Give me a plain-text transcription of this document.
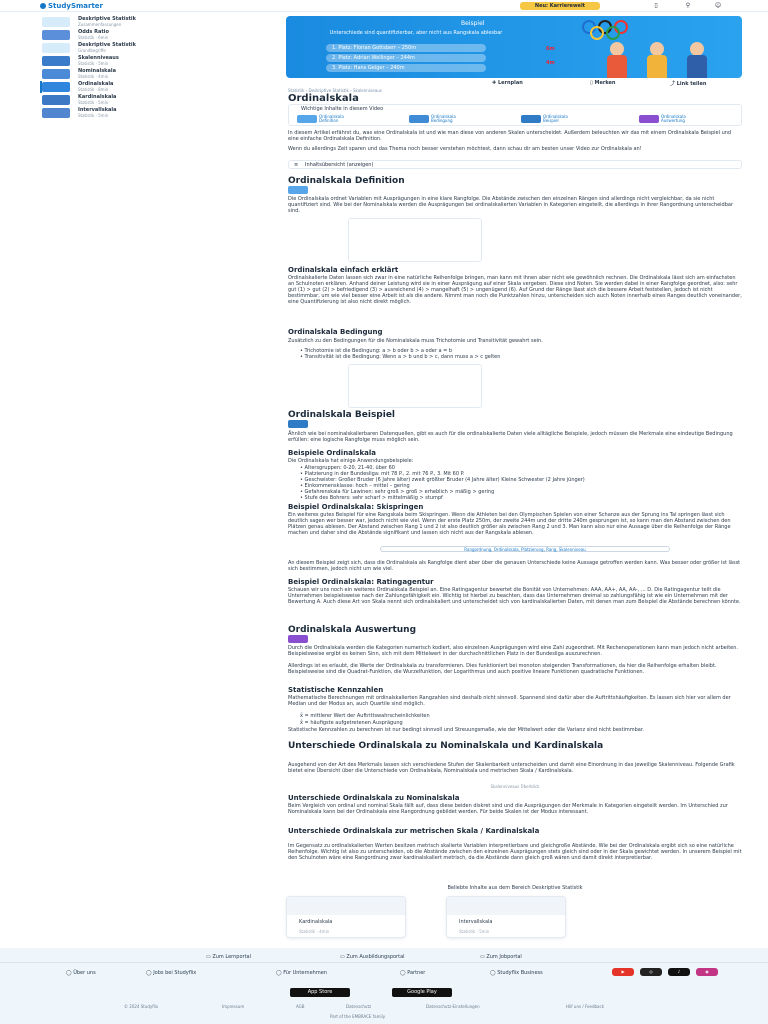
StudySmarter	Neu: Karrierewelt	▯	⚲	☺
Deskriptive Statistik
Zusammenfassungen
Odds Ratio
Statistik · 6min
Deskriptive Statistik
Grundbegriffe
Skalenniveaus
Statistik · 5min
Nominalskala
Statistik · 4min
Ordinalskala
Statistik · 8min
Kardinalskala
Statistik · 5min
Intervallskala
Statistik · 5min
Beispiel
Unterschiede sind quantifizierbar, aber nicht aus Rangskala ablesbar
1. Platz: Florian Gottsberr – 250m
2. Platz: Adrian Wellinger – 244m
3. Platz: Hans Geiger – 240m
6m
4m
✚ Lernplan	▯ Merken	⤴ Link teilen
Statistik › Deskriptive Statistik › Skalenniveaus
Ordinalskala
Wichtige Inhalte in diesem Video
Ordinalskala Definition
Ordinalskala Bedingung
Ordinalskala Beispiel
Ordinalskala Auswertung
In diesem Artikel erfährst du, was eine Ordinalskala ist und wie man diese von anderen Skalen unterscheidet. Außerdem beleuchten wir das mit einem Ordinalskala Beispiel und eine einfache Ordinalskala Definition.
Wenn du allerdings Zeit sparen und das Thema noch besser verstehen möchtest, dann schau dir am besten unser Video zur Ordinalskala an!
≡ Inhaltsübersicht (anzeigen)
Ordinalskala Definition
Die Ordinalskala ordnet Variablen mit Ausprägungen in eine klare Rangfolge. Die Abstände zwischen den einzelnen Rängen sind allerdings nicht vergleichbar, da sie nicht quantifiziert sind. Wie bei der Nominalskala werden die Ausprägungen bei ordinalskalierten Variablen in Kategorien eingeteilt, die allerdings in ihrer Rangordnung unterscheidbar sind.
Ordinalskala einfach erklärt
Ordinalskalierte Daten lassen sich zwar in eine natürliche Reihenfolge bringen, man kann mit ihnen aber nicht wie gewöhnlich rechnen. Die Ordinalskala lässt sich am einfachsten an Schulnoten erklären. Anhand deiner Leistung wird sie in einer Ausprägung auf einer Skala vergeben. Diese sind Noten. Sie werden dabei in einer Rangfolge geordnet, also: sehr gut (1) > gut (2) > befriedigend (3) > ausreichend (4) > mangelhaft (5) > ungenügend (6). Auf Grund der Ränge lässt sich die bessere Arbeit feststellen, jedoch ist nicht bestimmbar, um wie viel besser eine Arbeit ist als die andere. Nimmt man noch die Punktzahlen hinzu, unterscheiden sich auch Noten innerhalb eines Ranges deutlich voneinander, eine Quantifizierung ist also nicht direkt möglich.
Ordinalskala Bedingung
Zusätzlich zu den Bedingungen für die Nominalskala muss Trichotomie und Transitivität gewahrt sein.
• Trichotomie ist die Bedingung: a > b oder b > a oder a = b
• Transitivität ist die Bedingung: Wenn a > b und b > c, dann muss a > c gelten
Ordinalskala Beispiel
Ähnlich wie bei nominalskalierbaren Datenquellen, gibt es auch für die ordinalskalierte Daten viele alltägliche Beispiele, jedoch müssen die Merkmale eine eindeutige Bedingung erfüllen: eine logische Rangfolge muss möglich sein.
Beispiele Ordinalskala
Die Ordinalskala hat einige Anwendungsbeispiele:
• Altersgruppen: 0-20, 21-40, über 60
• Platzierung in der Bundesliga: mit 78 P., 2. mit 76 P., 3. Mit 60 P.
• Geschwister: Großer Bruder (6 Jahre älter) zweit größter Bruder (4 Jahre älter) Kleine Schwester (2 Jahre jünger)
• Einkommensklasse: hoch – mittel – gering
• Gefahrenskala für Lawinen: sehr groß > groß > erheblich > mäßig > gering
• Stufe des Bohrers: sehr scharf > mittelmäßig > stumpf
Beispiel Ordinalskala: Skispringen
Ein weiteres gutes Beispiel für eine Rangskala beim Skispringen. Wenn die Athleten bei den Olympischen Spielen von einer Schanze aus der Sprung ins Tal springen lässt sich deutlich sagen wer besser war, jedoch nicht wie viel. Wenn der erste Platz 250m, der zweite 244m und der dritte 240m gesprungen ist, so kann man den Abstand zwischen den Plätzen genau ablesen. Der Abstand zwischen Rang 1 und 2 ist also deutlich größer als zwischen Rang 2 und 3. Man kann also nur eine Aussage über die Reihenfolge der Ränge machen und daher sind die Abstände signifikant und lassen sich nicht aus der Rangskala ablesen.
Rangordnung, Ordinalskala, Platzierung, Rang, Skalenniveau
An diesem Beispiel zeigt sich, dass die Ordinalskala als Rangfolge dient aber über die genauen Unterschiede keine Aussage getroffen werden kann. Was besser oder größer ist lässt sich bestimmen, jedoch nicht um wie viel.
Beispiel Ordinalskala: Ratingagentur
Schauen wir uns noch ein weiteres Ordinalskala Beispiel an. Eine Ratingagentur bewertet die Bonität von Unternehmen: AAA, AA+, AA, AA-, ... D. Die Ratingagentur teilt die Unternehmen beispielsweise nach der Zahlungsfähigkeit ein. Wichtig ist hierbei zu beachten, dass das Unternehmen dreimal so zahlungsfähig ist wie ein Unternehmen mit der Bewertung A. Auch diese Art von Skala nennt sich ordinalskaliert und unterscheidet sich von kardinalskalierten Daten, mit denen man zum Beispiel die Abstände berechnen könnte.
Ordinalskala Auswertung
Durch die Ordinalskala werden die Kategorien numerisch kodiert, also einzelnen Ausprägungen wird eine Zahl zugeordnet. Mit Rechenoperationen kann man jedoch nicht arbeiten. Beispielsweise ergibt es keinen Sinn, sich mit dem Mittelwert in der durchschnittlichen Platz in der Bundesliga auszurechnen.
Allerdings ist es erlaubt, die Werte der Ordinalskala zu transformieren. Dies funktioniert bei monoton steigenden Transformationen, da hier die Reihenfolge erhalten bleibt. Beispielsweise sind die Quadrat-Funktion, die Wurzelfunktion, der Logarithmus und auch positive lineare Funktionen quadratische Funktionen.
Statistische Kennzahlen
Mathematische Berechnungen mit ordinalskalierten Rangzahlen sind deshalb nicht sinnvoll. Spannend sind dafür aber die Auftrittshäufigkeiten. Es lassen sich hier vor allem der Median und der Modus an, auch Quartile sind möglich.
x̃ = mittlerer Wert der Auftrittswahrscheinlichkeiten
x̂ = häufigste aufgetretenen Ausprägung
Statistische Kennzahlen zu berechnen ist nur bedingt sinnvoll und Streuungsmaße, wie der Mittelwert oder die Varianz sind nicht bestimmbar.
Unterschiede Ordinalskala zu Nominalskala und Kardinalskala
Ausgehend von der Art des Merkmals lassen sich verschiedene Stufen der Skalenbarkeit unterscheiden und damit eine Einordnung in das jeweilige Skalenniveau. Folgende Grafik bietet eine Übersicht über die Unterschiede von Ordinalskala, Nominalskala und metrischen Skala / Kardinalskala.
Skalenniveaus Überblick
Unterschiede Ordinalskala zu Nominalskala
Beim Vergleich von ordinal und nominal Skala fällt auf, dass diese beiden diskret sind und die Ausprägungen der Merkmale in Kategorien eingeteilt werden. Im Unterschied zur Nominalskala kann bei der Ordinalskala eine Rangordnung gebildet werden. Für beide Skalen ist der Modus interessant.
Unterschiede Ordinalskala zur metrischen Skala / Kardinalskala
Im Gegensatz zu ordinalskalierten Werten besitzen metrisch skalierte Variablen interpretierbare und gleichgroße Abstände. Wie bei der Ordinalskala ergibt sich so eine natürliche Reihenfolge. Wichtig ist also zu unterscheiden, ob die Abstände zwischen den einzelnen Ausprägungen stets gleich sind oder in der Skala gewichtet werden. In unserem Beispiel mit den Schulnoten wäre eine Rangordnung zwar kardinalskaliert metrisch, da die Abstände dann gleich groß wären und damit direkt interpretierbar.
Beliebte Inhalte aus dem Bereich Deskriptive Statistik
Kardinalskala
Statistik · 4min
Intervallskala
Statistik · 5min
▭ Zum Lernportal	▭ Zum Ausbildungsportal	▭ Zum Jobportal
◯ Über uns	◯ Jobs bei Studyflix	◯ Für Unternehmen	◯ Partner	◯ Studyflix Business	▶	◎	♪	◉
App Store	Google Play
© 2024 Studyflix	Impressum	AGB	Datenschutz	Datenschutz-Einstellungen	Hilf uns / Feedback
Part of the EMBRACE family
